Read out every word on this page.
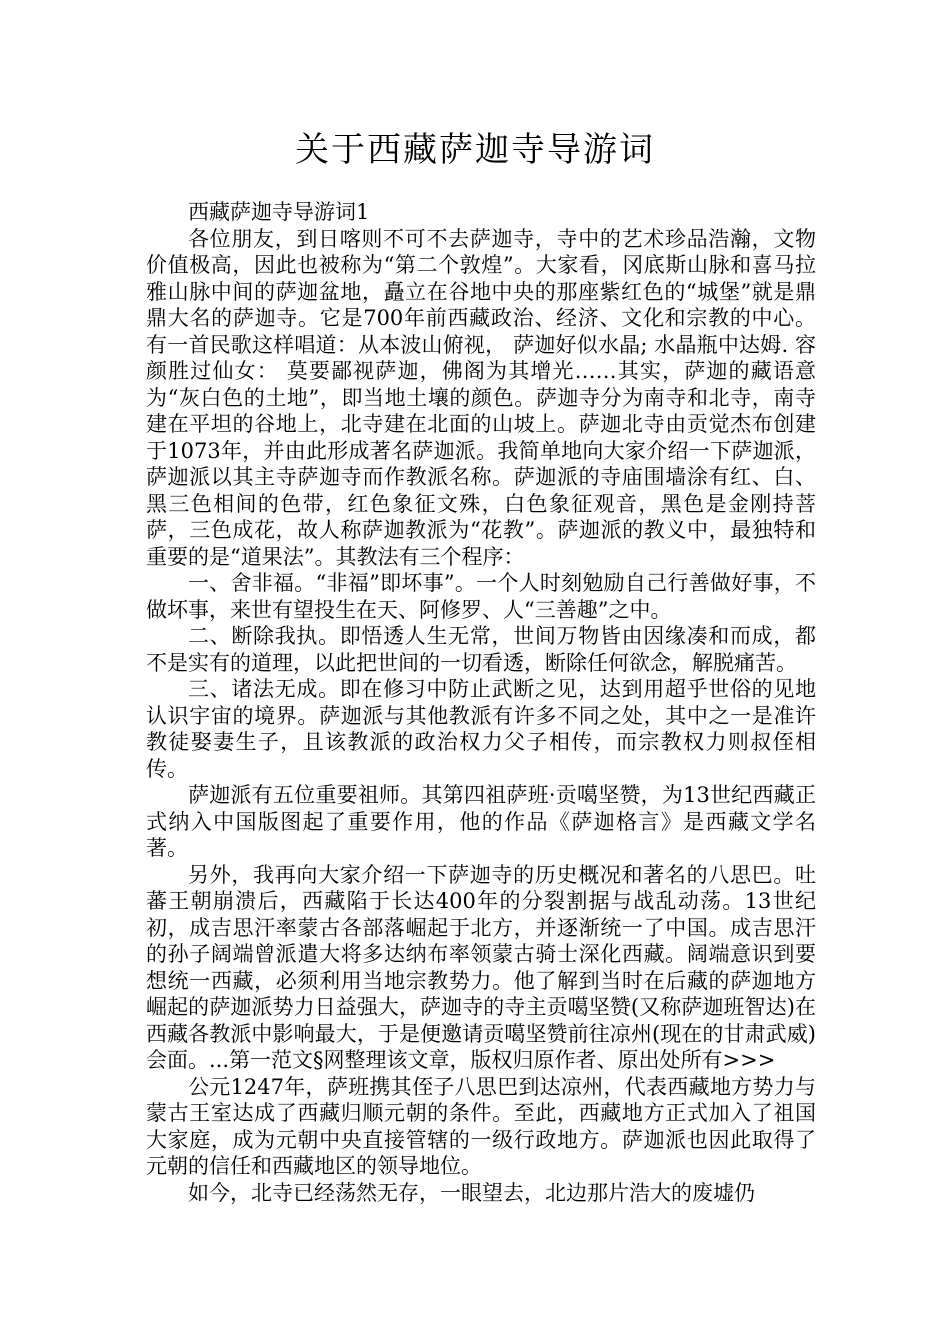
关于西藏萨迦寺导游词

西藏萨迦寺导游词1

各位朋友，到日喀则不可不去萨迦寺，寺中的艺术珍品浩瀚，文物价值极高，因此也被称为“第二个敦煌”。大家看，冈底斯山脉和喜马拉雅山脉中间的萨迦盆地，矗立在谷地中央的那座紫红色的“城堡”就是鼎鼎大名的萨迦寺。它是700年前西藏政治、经济、文化和宗教的中心。有一首民歌这样唱道：从本波山俯视， 萨迦好似水晶; 水晶瓶中达姆. 容颜胜过仙女： 莫要鄙视萨迦，佛阁为其增光……其实，萨迦的藏语意为“灰白色的土地”，即当地土壤的颜色。萨迦寺分为南寺和北寺，南寺建在平坦的谷地上，北寺建在北面的山坡上。萨迦北寺由贡觉杰布创建于1073年，并由此形成著名萨迦派。我简单地向大家介绍一下萨迦派，萨迦派以其主寺萨迦寺而作教派名称。萨迦派的寺庙围墙涂有红、白、黑三色相间的色带，红色象征文殊，白色象征观音，黑色是金刚持菩萨，三色成花，故人称萨迦教派为“花教”。萨迦派的教义中，最独特和重要的是“道果法”。其教法有三个程序：

一、舍非福。“非福”即坏事”。一个人时刻勉励自己行善做好事，不做坏事，来世有望投生在天、阿修罗、人“三善趣”之中。

二、断除我执。即悟透人生无常，世间万物皆由因缘凑和而成，都不是实有的道理，以此把世间的一切看透，断除任何欲念，解脱痛苦。

三、诸法无成。即在修习中防止武断之见，达到用超乎世俗的见地认识宇宙的境界。萨迦派与其他教派有许多不同之处，其中之一是准许教徒娶妻生子，且该教派的政治权力父子相传，而宗教权力则叔侄相传。

萨迦派有五位重要祖师。其第四祖萨班·贡噶坚赞，为13世纪西藏正式纳入中国版图起了重要作用，他的作品《萨迦格言》是西藏文学名著。

另外，我再向大家介绍一下萨迦寺的历史概况和著名的八思巴。吐蕃王朝崩溃后，西藏陷于长达400年的分裂割据与战乱动荡。13世纪初，成吉思汗率蒙古各部落崛起于北方，并逐渐统一了中国。成吉思汗的孙子阔端曾派遣大将多达纳布率领蒙古骑士深化西藏。阔端意识到要想统一西藏，必须利用当地宗教势力。他了解到当时在后藏的萨迦地方崛起的萨迦派势力日益强大，萨迦寺的寺主贡噶坚赞(又称萨迦班智达)在西藏各教派中影响最大，于是便邀请贡噶坚赞前往凉州(现在的甘肃武威)会面。...第一范文§网整理该文章，版权归原作者、原出处所有>>>

公元1247年，萨班携其侄子八思巴到达凉州，代表西藏地方势力与蒙古王室达成了西藏归顺元朝的条件。至此，西藏地方正式加入了祖国大家庭，成为元朝中央直接管辖的一级行政地方。萨迦派也因此取得了元朝的信任和西藏地区的领导地位。

如今，北寺已经荡然无存，一眼望去，北边那片浩大的废墟仍
